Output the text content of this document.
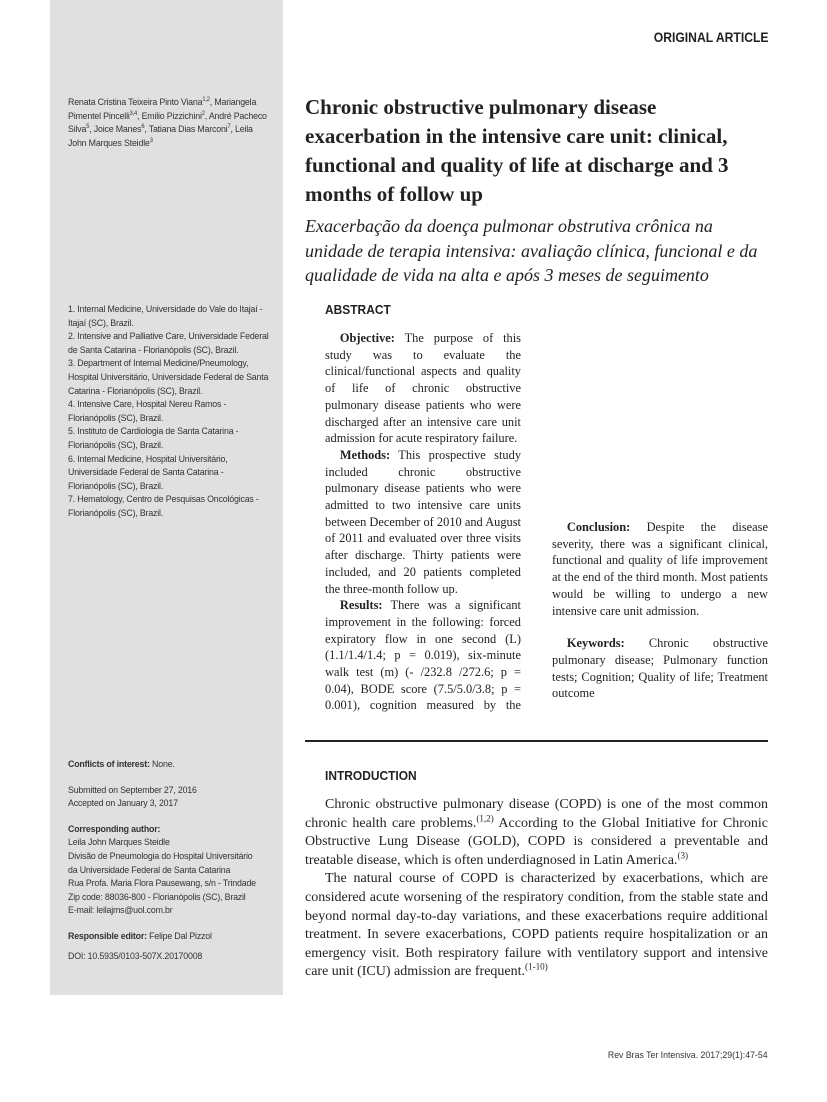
Renata Cristina Teixeira Pinto Viana$^{1,2}$, Mariangela Pimentel Pincelli$^{3,4}$, Emilio Pizzichini$^2$, André Pacheco Silva$^5$, Joice Manes$^6$, Tatiana Dias Marconi$^7$, Leila John Marques Steidle$^3$

1. Internal Medicine, Universidade do Vale do Itajaí - Itajaí (SC), Brazil.

2. Intensive and Palliative Care, Universidade Federal de Santa Catarina - Florianópolis (SC), Brazil.

3. Department of Internal Medicine/Pneumology, Hospital Universitário, Universidade Federal de Santa Catarina - Florianópolis (SC), Brazil.

4. Intensive Care, Hospital Nereu Ramos - Florianópolis (SC), Brazil.

5. Instituto de Cardiologia de Santa Catarina - Florianópolis (SC), Brazil.

6. Internal Medicine, Hospital Universitário, Universidade Federal de Santa Catarina - Florianópolis (SC), Brazil.

7. Hematology, Centro de Pesquisas Oncológicas - Florianópolis (SC), Brazil.

Conflicts of interest: None.

Submitted on September 27, 2016

Accepted on January 3, 2017

Corresponding author:

Leila John Marques Steidle

Divisão de Pneumologia do Hospital Universitário

da Universidade Federal de Santa Catarina

Rua Profa. Maria Flora Pausewang, s/n - Trindade

Zip code: 88036-800 - Florianópolis (SC), Brazil

E-mail: leilajms@uol.com.br

Responsible editor: Felipe Dal Pizzol

DOI: 10.5935/0103-507X.20170008

ORIGINAL ARTICLE
Chronic obstructive pulmonary disease exacerbation in the intensive care unit: clinical, functional and quality of life at discharge and 3 months of follow up
Exacerbação da doença pulmonar obstrutiva crônica na unidade de terapia intensiva: avaliação clínica, funcional e da qualidade de vida na alta e após 3 meses de seguimento
ABSTRACT

Objective: The purpose of this study was to evaluate the clinical/functional aspects and quality of life of chronic obstructive pulmonary disease patients who were discharged after an intensive care unit admission for acute respiratory failure.

Methods: This prospective study included chronic obstructive pulmonary disease patients who were admitted to two intensive care units between December of 2010 and August of 2011 and evaluated over three visits after discharge. Thirty patients were included, and 20 patients completed the three-month follow up.

Results: There was a significant improvement in the following: forced expiratory flow in one second (L) (1.1/1.4/1.4; p = 0.019), six-minute walk test (m) (- /232.8 /272.6; p = 0.04), BODE score (7.5/5.0/3.8; p = 0.001), cognition measured by the

Conclusion: Despite the disease severity, there was a significant clinical, functional and quality of life improvement at the end of the third month. Most patients would be willing to undergo a new intensive care unit admission.

Keywords: Chronic obstructive pulmonary disease; Pulmonary function tests; Cognition; Quality of life; Treatment outcome

INTRODUCTION

Chronic obstructive pulmonary disease (COPD) is one of the most common chronic health care problems.$^{(1,2)}$ According to the Global Initiative for Chronic Obstructive Lung Disease (GOLD), COPD is considered a preventable and treatable disease, which is often underdiagnosed in Latin America.$^{(3)}$

The natural course of COPD is characterized by exacerbations, which are considered acute worsening of the respiratory condition, from the stable state and beyond normal day-to-day variations, and these exacerbations require additional treatment. In severe exacerbations, COPD patients require hospitalization or an emergency visit. Both respiratory failure with ventilatory support and intensive care unit (ICU) admission are frequent.$^{(1-10)}$

Rev Bras Ter Intensiva. 2017;29(1):47-54
